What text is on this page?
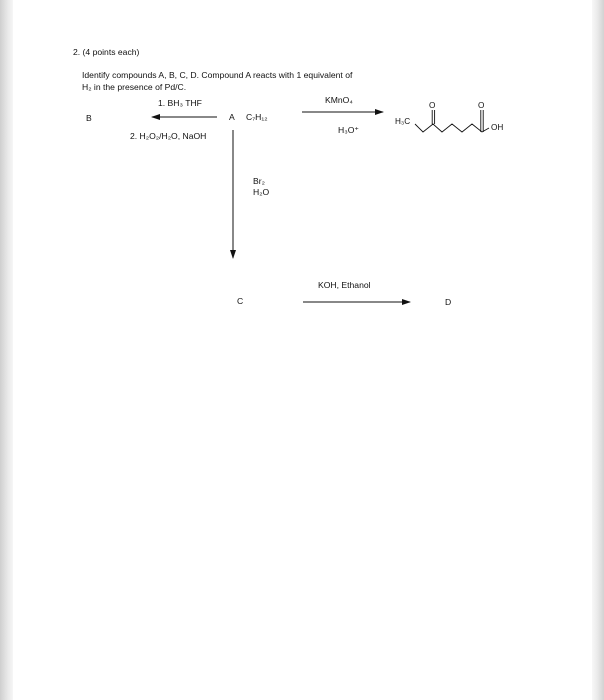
2. (4 points each)
Identify compounds A, B, C, D. Compound A reacts with 1 equivalent of
H₂ in the presence of Pd/C.
B	A C₇H₁₂
C	D
1. BH₃ THF
2. H₂O₂/H₂O, NaOH
KMnO₄
H₃O⁺
Br₂
H₂O
KOH, Ethanol
H₃C
O	O
OH
